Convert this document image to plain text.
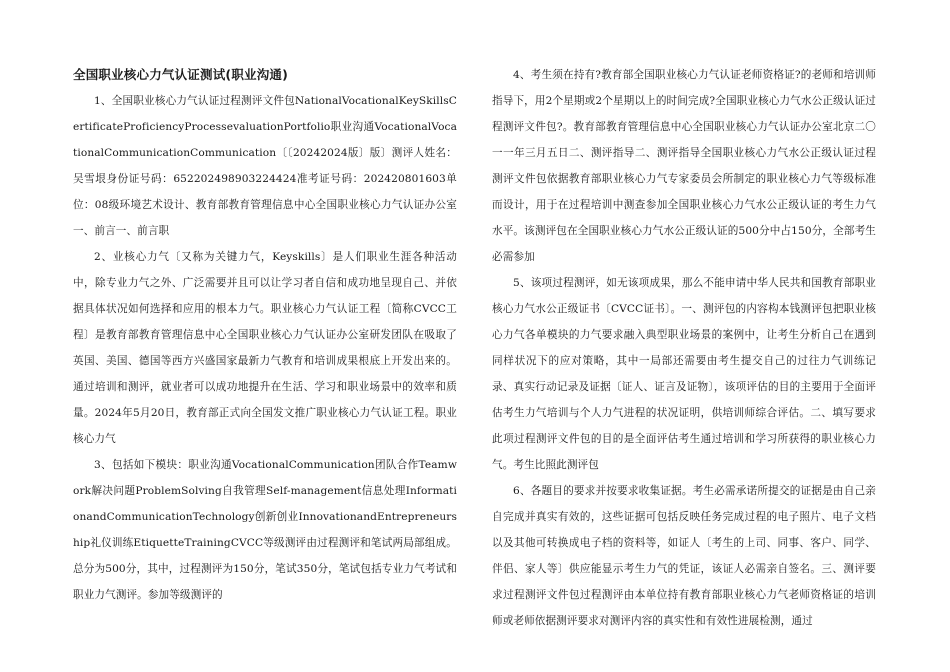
全国职业核心力气认证测试(职业沟通)

1、全国职业核心力气认证过程测评文件包NationalVocationalKeySkillsCertificateProficiencyProcessevaluationPortfolio职业沟通VocationalVocationalCommunicationCommunication〔〔20242024版〕版〕测评人姓名：吴雪垠身份证号码：652202498903224424准考证号码：202420801603单位：08级环境艺术设计、教育部教育管理信息中心全国职业核心力气认证办公室一、前言一、前言职

2、业核心力气〔又称为关键力气，Keyskills〕是人们职业生涯各种活动中，除专业力气之外、广泛需要并且可以让学习者自信和成功地呈现自己、并依据具体状况如何选择和应用的根本力气。职业核心力气认证工程〔简称CVCC工程〕是教育部教育管理信息中心全国职业核心力气认证办公室研发团队在吸取了英国、美国、德国等西方兴盛国家最新力气教育和培训成果根底上开发出来的。通过培训和测评，就业者可以成功地提升在生活、学习和职业场景中的效率和质量。2024年5月20日，教育部正式向全国发文推广职业核心力气认证工程。职业核心力气

3、包括如下模块：职业沟通VocationalCommunication团队合作Teamwork解决问题ProblemSolving自我管理Self-management信息处理InformationandCommunicationTechnology创新创业InnovationandEntrepreneurship礼仪训练EtiquetteTrainingCVCC等级测评由过程测评和笔试两局部组成。总分为500分，其中，过程测评为150分，笔试350分，笔试包括专业力气考试和职业力气测评。参加等级测评的

4、考生须在持有?教育部全国职业核心力气认证老师资格证?的老师和培训师指导下，用2个星期或2个星期以上的时间完成?全国职业核心力气水公正级认证过程测评文件包?。教育部教育管理信息中心全国职业核心力气认证办公室北京二〇一一年三月五日二、测评指导二、测评指导全国职业核心力气水公正级认证过程测评文件包依据教育部职业核心力气专家委员会所制定的职业核心力气等级标准而设计，用于在过程培训中测查参加全国职业核心力气水公正级认证的考生力气水平。该测评包在全国职业核心力气水公正级认证的500分中占150分，全部考生必需参加

5、该项过程测评，如无该项成果，那么不能申请中华人民共和国教育部职业核心力气水公正级证书〔CVCC证书〕。一、测评包的内容构本钱测评包把职业核心力气各单模块的力气要求融入典型职业场景的案例中，让考生分析自己在遇到同样状况下的应对策略，其中一局部还需要由考生提交自己的过往力气训练记录、真实行动记录及证据〔证人、证言及证物〕，该项评估的目的主要用于全面评估考生力气培训与个人力气进程的状况证明，供培训师综合评估。二、填写要求此项过程测评文件包的目的是全面评估考生通过培训和学习所获得的职业核心力气。考生比照此测评包

6、各题目的要求并按要求收集证据。考生必需承诺所提交的证据是由自己亲自完成并真实有效的，这些证据可包括反映任务完成过程的电子照片、电子文档以及其他可转换成电子档的资料等，如证人〔考生的上司、同事、客户、同学、伴侣、家人等〕供应能显示考生力气的凭证，该证人必需亲自签名。三、测评要求过程测评文件包过程测评由本单位持有教育部职业核心力气老师资格证的培训师或老师依据测评要求对测评内容的真实性和有效性进展检测，通过
